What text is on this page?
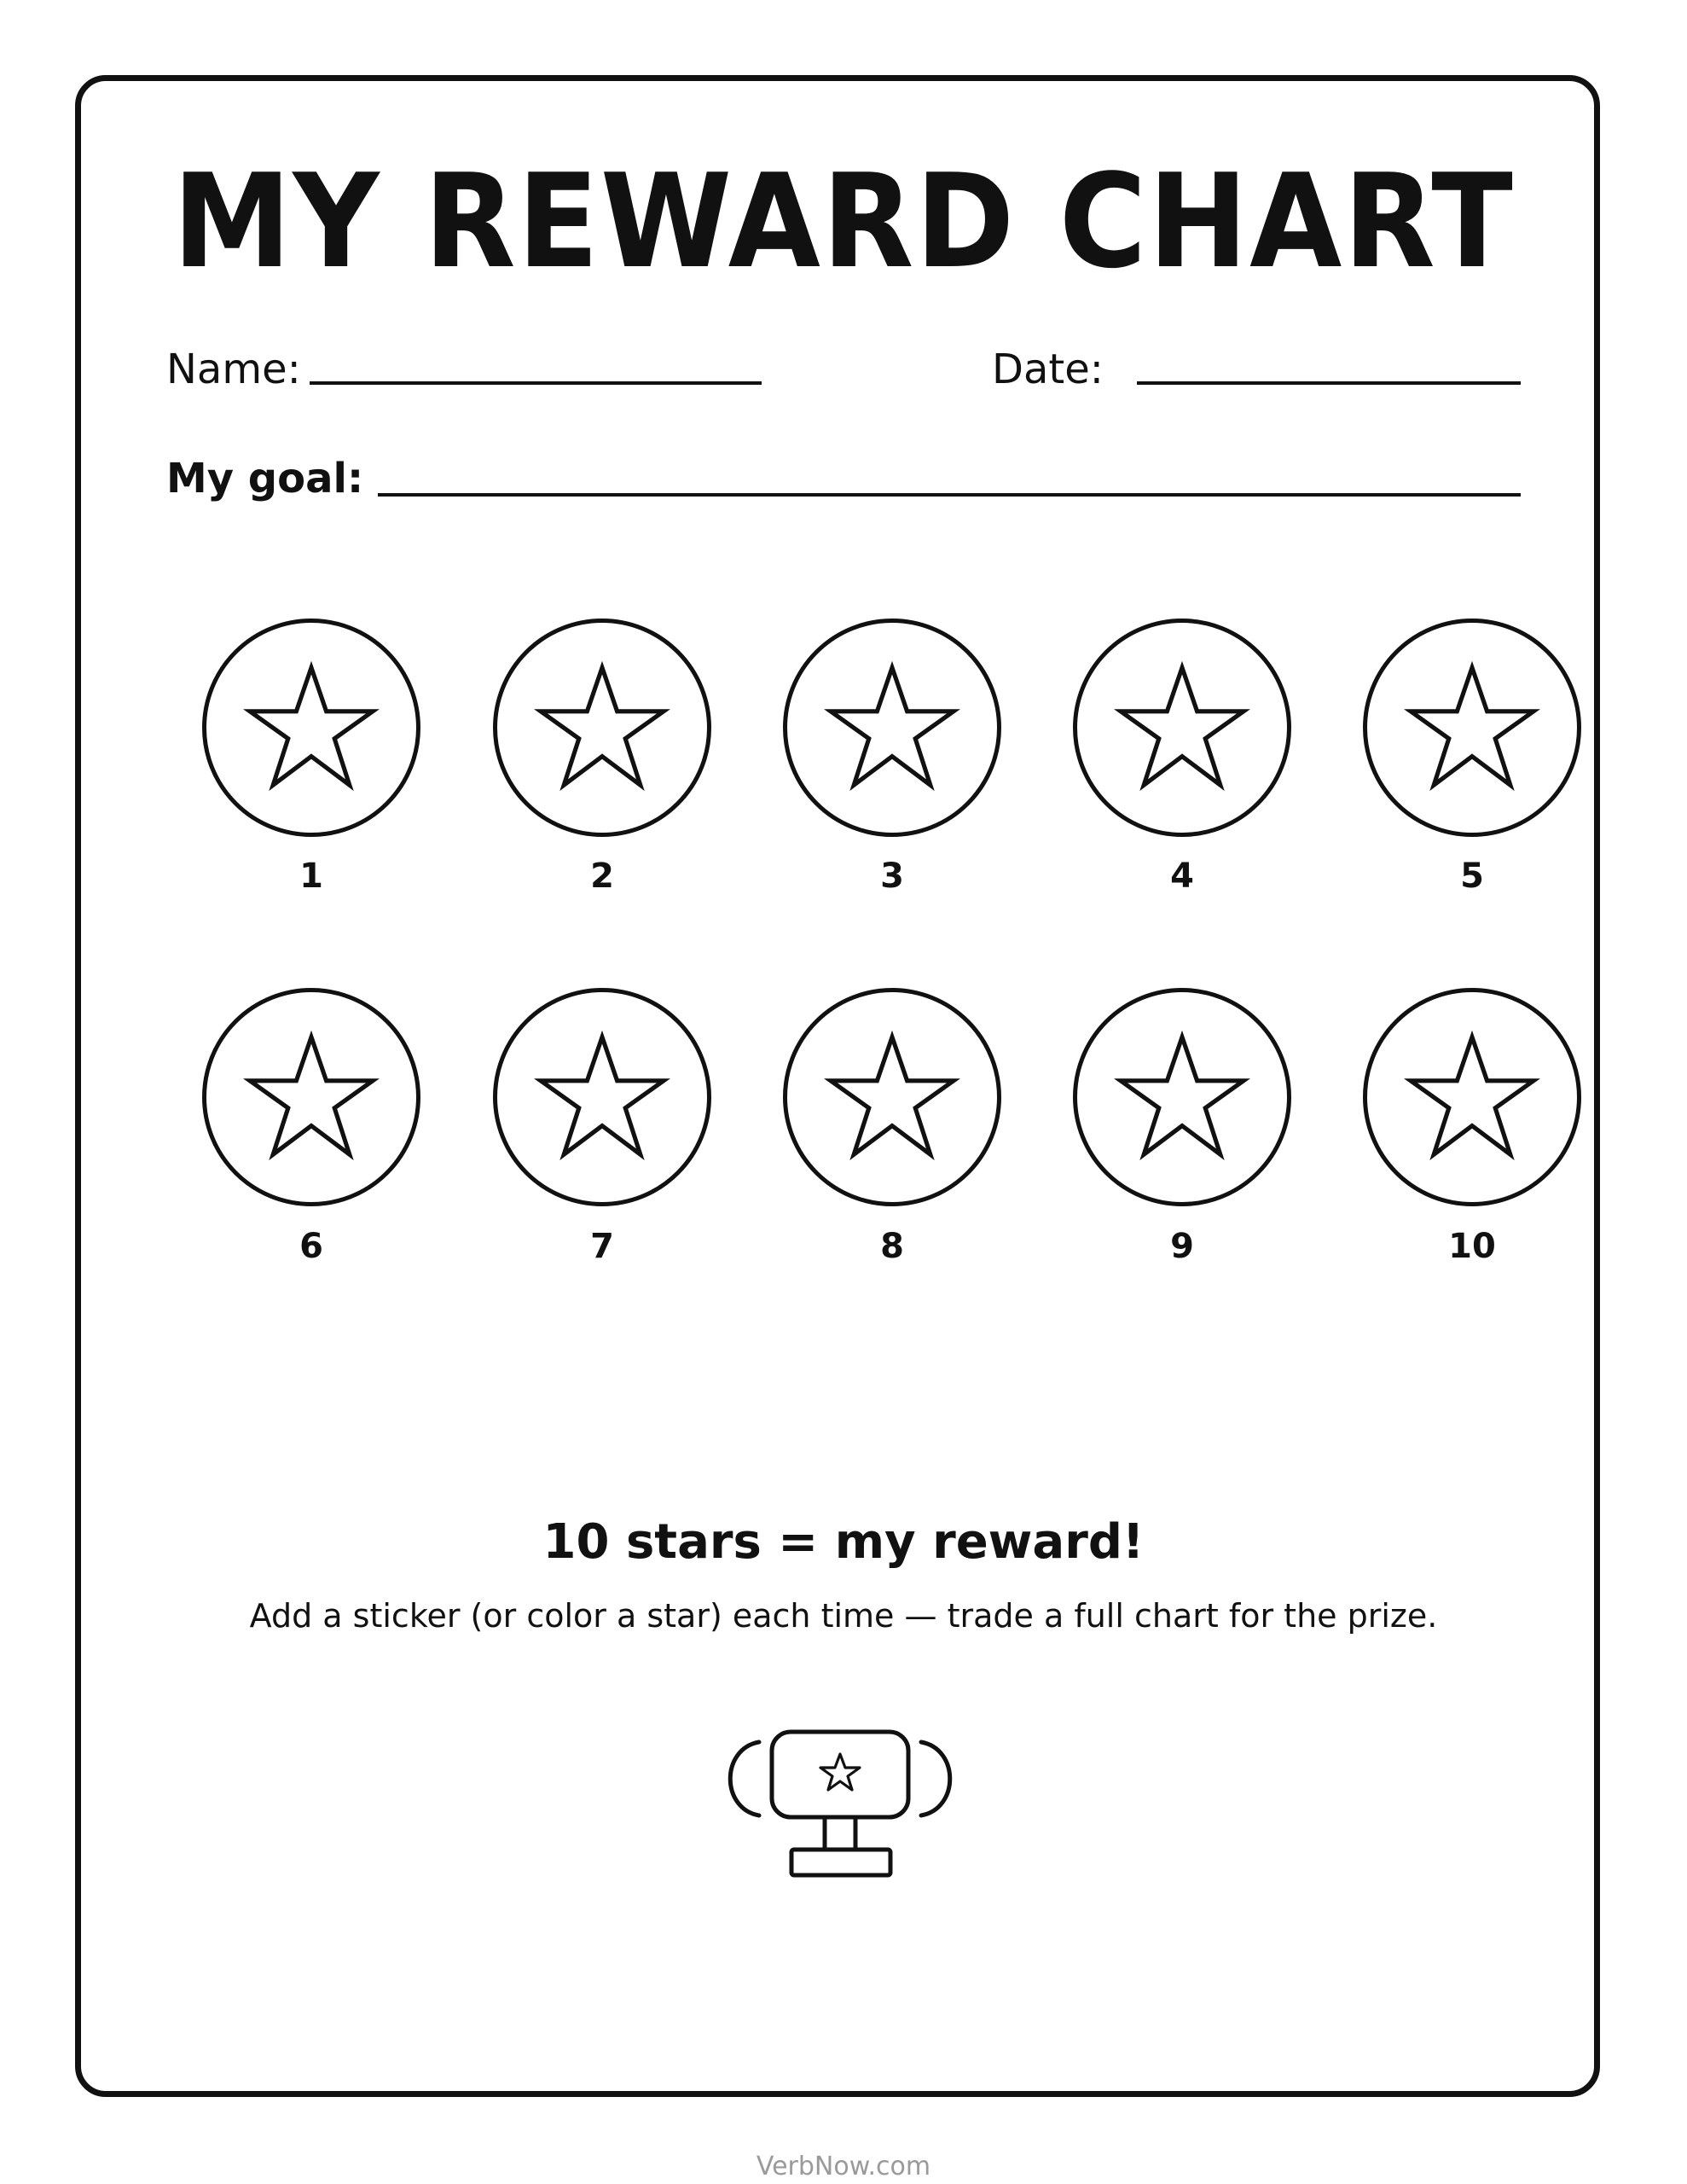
MY REWARD CHART
Name:	Date:
My goal:
1	2	3	4	5
6	7	8	9	10
10 stars = my reward!
Add a sticker (or color a star) each time — trade a full chart for the prize.
VerbNow.com
